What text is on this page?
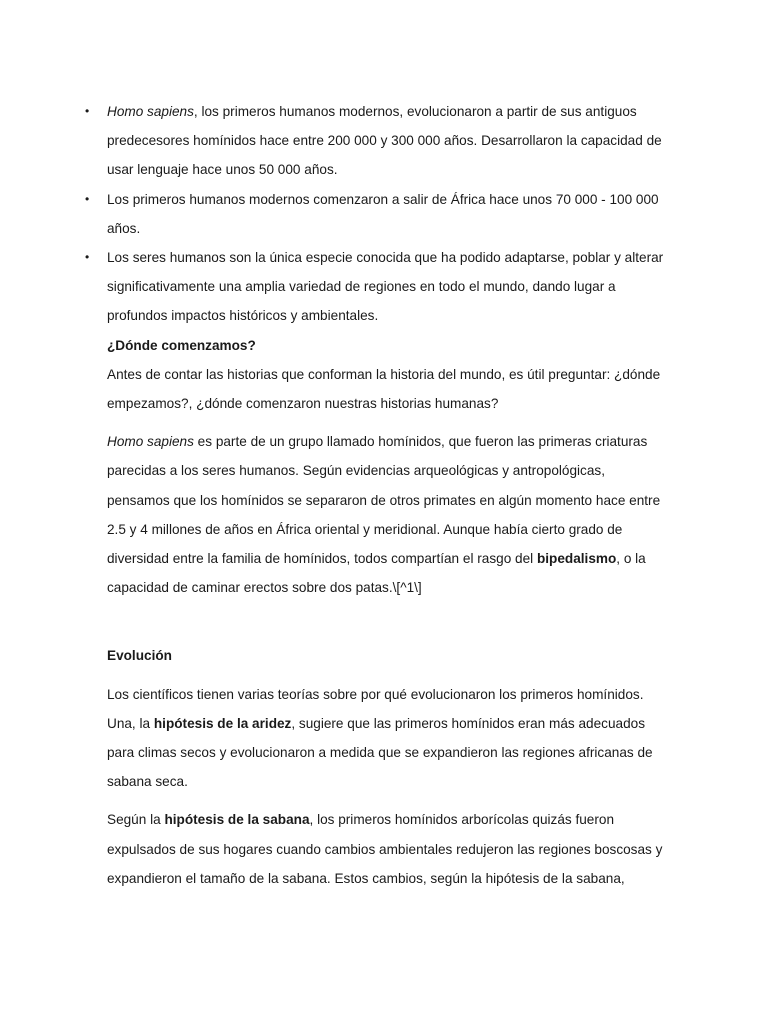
• Homo sapiens, los primeros humanos modernos, evolucionaron a partir de sus antiguos predecesores homínidos hace entre 200 000 y 300 000 años. Desarrollaron la capacidad de usar lenguaje hace unos 50 000 años.
• Los primeros humanos modernos comenzaron a salir de África hace unos 70 000 - 100 000 años.
• Los seres humanos son la única especie conocida que ha podido adaptarse, poblar y alterar significativamente una amplia variedad de regiones en todo el mundo, dando lugar a profundos impactos históricos y ambientales.

¿Dónde comenzamos?

Antes de contar las historias que conforman la historia del mundo, es útil preguntar: ¿dónde empezamos?, ¿dónde comenzaron nuestras historias humanas?

Homo sapiens es parte de un grupo llamado homínidos, que fueron las primeras criaturas parecidas a los seres humanos. Según evidencias arqueológicas y antropológicas, pensamos que los homínidos se separaron de otros primates en algún momento hace entre 2.5 y 4 millones de años en África oriental y meridional. Aunque había cierto grado de diversidad entre la familia de homínidos, todos compartían el rasgo del bipedalismo, o la capacidad de caminar erectos sobre dos patas.\[^1\]

Evolución

Los científicos tienen varias teorías sobre por qué evolucionaron los primeros homínidos. Una, la hipótesis de la aridez, sugiere que las primeros homínidos eran más adecuados para climas secos y evolucionaron a medida que se expandieron las regiones africanas de sabana seca.

Según la hipótesis de la sabana, los primeros homínidos arborícolas quizás fueron expulsados de sus hogares cuando cambios ambientales redujeron las regiones boscosas y expandieron el tamaño de la sabana. Estos cambios, según la hipótesis de la sabana,
